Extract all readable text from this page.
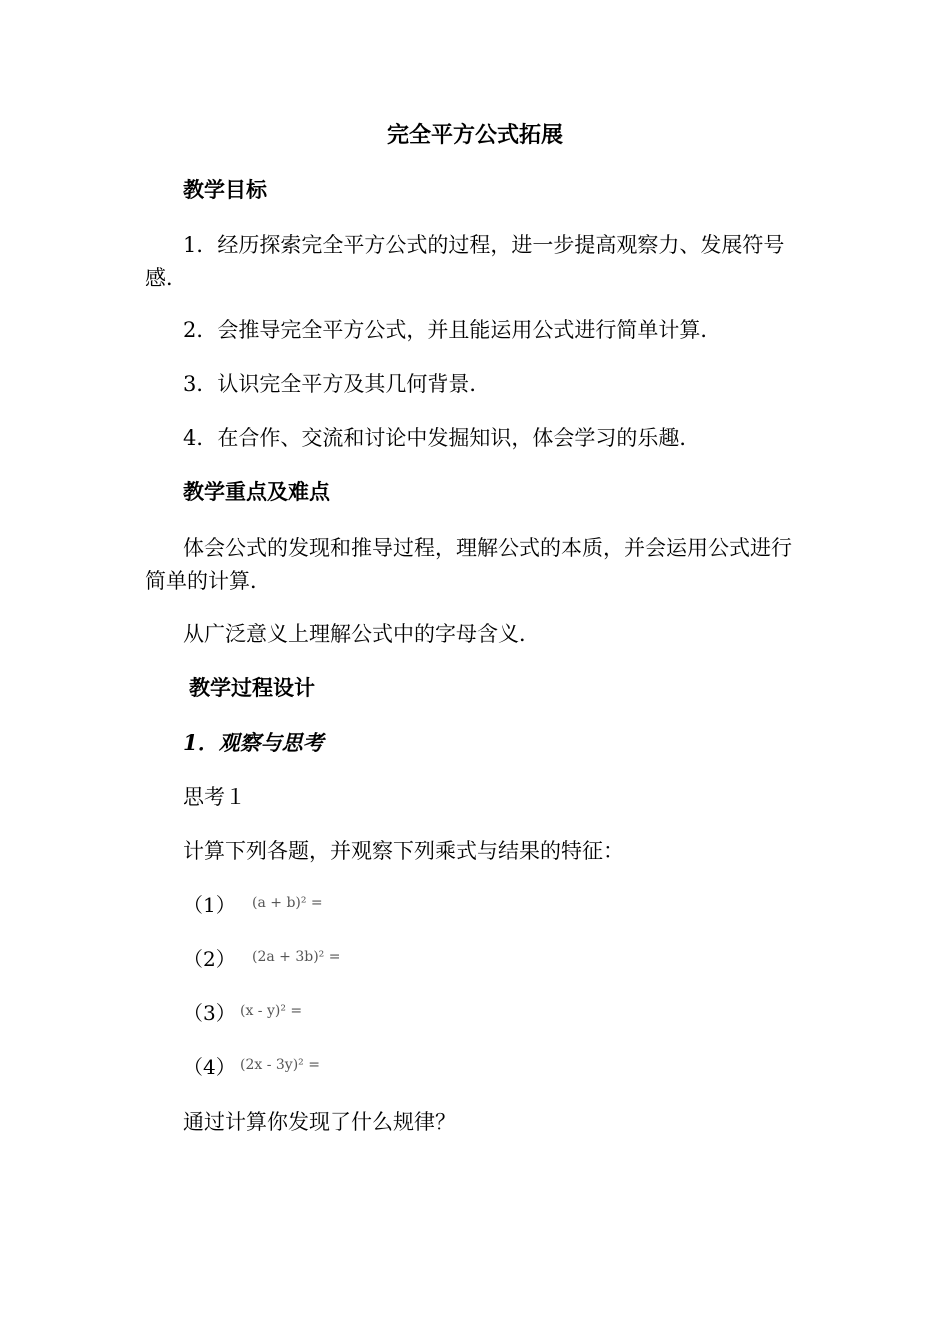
完全平方公式拓展
教学目标
1．经历探索完全平方公式的过程，进一步提高观察力、发展符号感．
2．会推导完全平方公式，并且能运用公式进行简单计算．
3．认识完全平方及其几何背景．
4．在合作、交流和讨论中发掘知识，体会学习的乐趣．
教学重点及难点
体会公式的发现和推导过程，理解公式的本质，并会运用公式进行简单的计算．
从广泛意义上理解公式中的字母含义．
教学过程设计
1．观察与思考
思考１
计算下列各题，并观察下列乘式与结果的特征：
（1） (a + b)² =
（2） (2a + 3b)² =
（3） (x - y)² =
（4） (2x - 3y)² =
通过计算你发现了什么规律？
